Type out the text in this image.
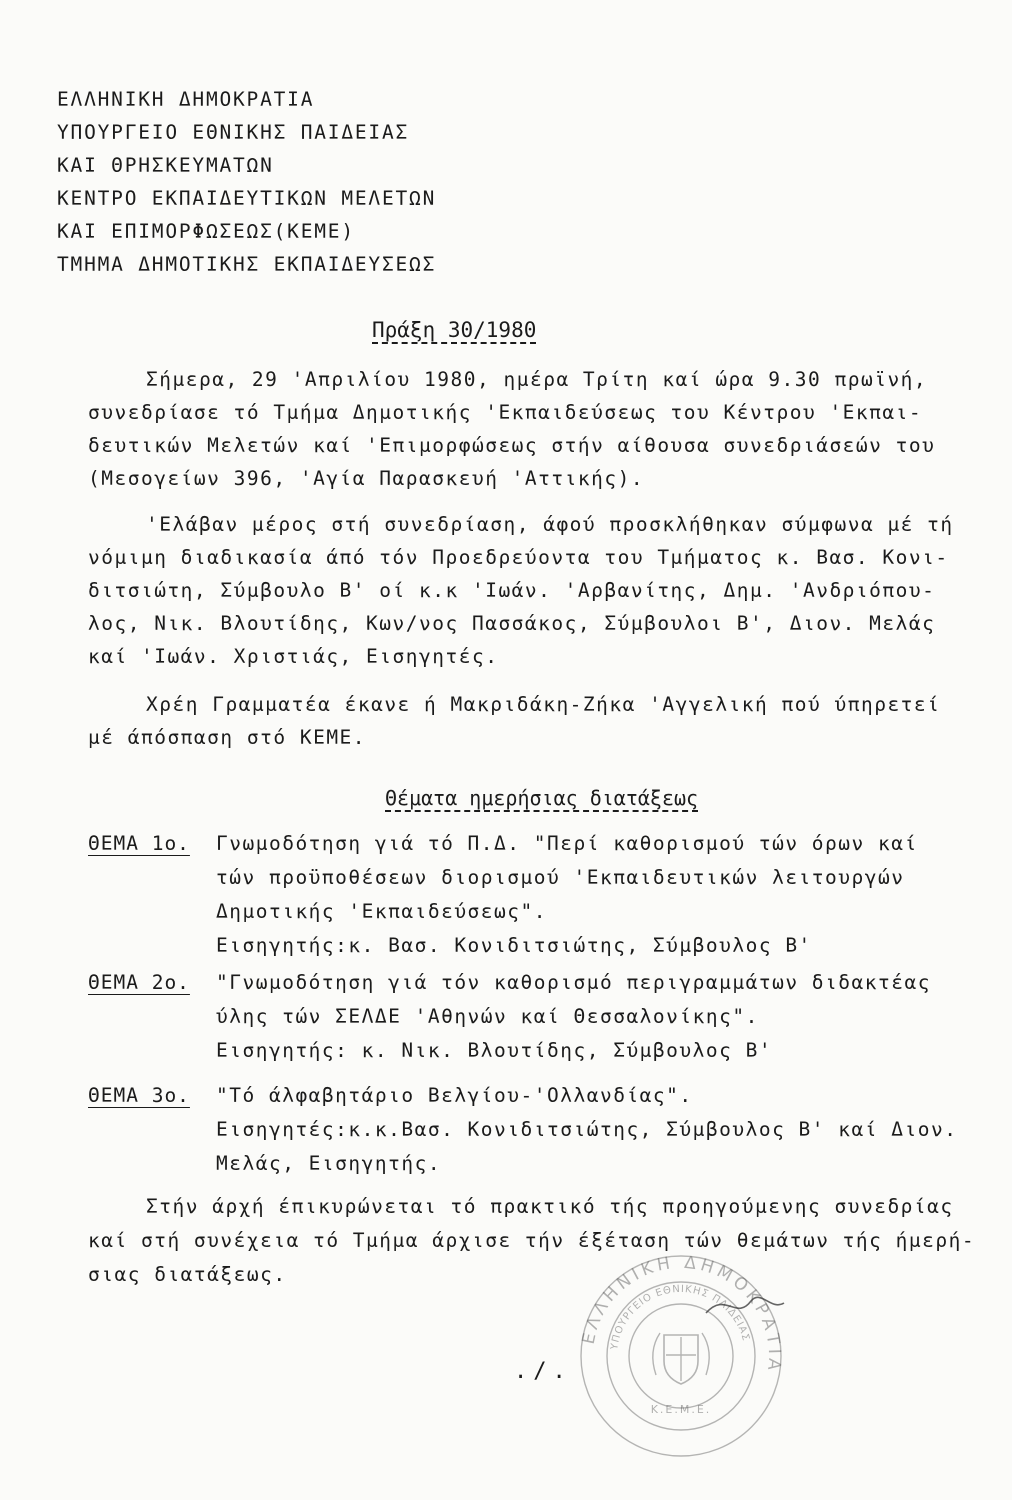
ΕΛΛΗΝΙΚΗ ΔΗΜΟΚΡΑΤΙΑ
ΥΠΟΥΡΓΕΙΟ ΕΘΝΙΚΗΣ ΠΑΙΔΕΙΑΣ
ΚΑΙ ΘΡΗΣΚΕΥΜΑΤΩΝ
ΚΕΝΤΡΟ ΕΚΠΑΙΔΕΥΤΙΚΩΝ ΜΕΛΕΤΩΝ
ΚΑΙ ΕΠΙΜΟΡΦΩΣΕΩΣ(ΚΕΜΕ)
ΤΜΗΜΑ ΔΗΜΟΤΙΚΗΣ ΕΚΠΑΙΔΕΥΣΕΩΣ
Πράξη 30/1980
Σήμερα, 29 'Απριλίου 1980, ημέρα Τρίτη καί ώρα 9.30 πρωϊνή,
συνεδρίασε τό Τμήμα Δημοτικής 'Εκπαιδεύσεως του Κέντρου 'Εκπαι-
δευτικών Μελετών καί 'Επιμορφώσεως στήν αίθουσα συνεδριάσεών του
(Μεσογείων 396, 'Αγία Παρασκευή 'Αττικής).
'Ελάβαν μέρος στή συνεδρίαση, άφού προσκλήθηκαν σύμφωνα μέ τή
νόμιμη διαδικασία άπό τόν Προεδρεύοντα του Τμήματος κ. Βασ. Κονι-
διτσιώτη, Σύμβουλο Β' οί κ.κ 'Ιωάν. 'Αρβανίτης, Δημ. 'Ανδριόπου-
λος, Νικ. Βλουτίδης, Κων/νος Πασσάκος, Σύμβουλοι Β', Διον. Μελάς
καί 'Ιωάν. Χριστιάς, Εισηγητές.
Χρέη Γραμματέα έκανε ή Μακριδάκη-Ζήκα 'Αγγελική πού ύπηρετεί
μέ άπόσπαση στό ΚΕΜΕ.
Θέματα ημερήσιας διατάξεως
ΘΕΜΑ 1ο. Γνωμοδότηση γιά τό Π.Δ. "Περί καθορισμού τών όρων καί
τών προϋποθέσεων διορισμού 'Εκπαιδευτικών λειτουργών
Δημοτικής 'Εκπαιδεύσεως".
Εισηγητής:κ. Βασ. Κονιδιτσιώτης, Σύμβουλος Β'
ΘΕΜΑ 2ο. "Γνωμοδότηση γιά τόν καθορισμό περιγραμμάτων διδακτέας
ύλης τών ΣΕΛΔΕ 'Αθηνών καί Θεσσαλονίκης".
Εισηγητής: κ. Νικ. Βλουτίδης, Σύμβουλος Β'
ΘΕΜΑ 3ο. "Τό άλφαβητάριο Βελγίου-'Ολλανδίας".
Εισηγητές:κ.κ.Βασ. Κονιδιτσιώτης, Σύμβουλος Β' καί Διον.
Μελάς, Εισηγητής.
Στήν άρχή έπικυρώνεται τό πρακτικό τής προηγούμενης συνεδρίας
καί στή συνέχεια τό Τμήμα άρχισε τήν έξέταση τών θεμάτων τής ήμερή-
σιας διατάξεως.
./.
ΕΛΛΗΝΙΚΗ ΔΗΜΟΚΡΑΤΙΑ
ΥΠΟΥΡΓΕΙΟ ΕΘΝΙΚΗΣ ΠΑΙΔΕΙΑΣ
Κ.Ε.Μ.Ε.
